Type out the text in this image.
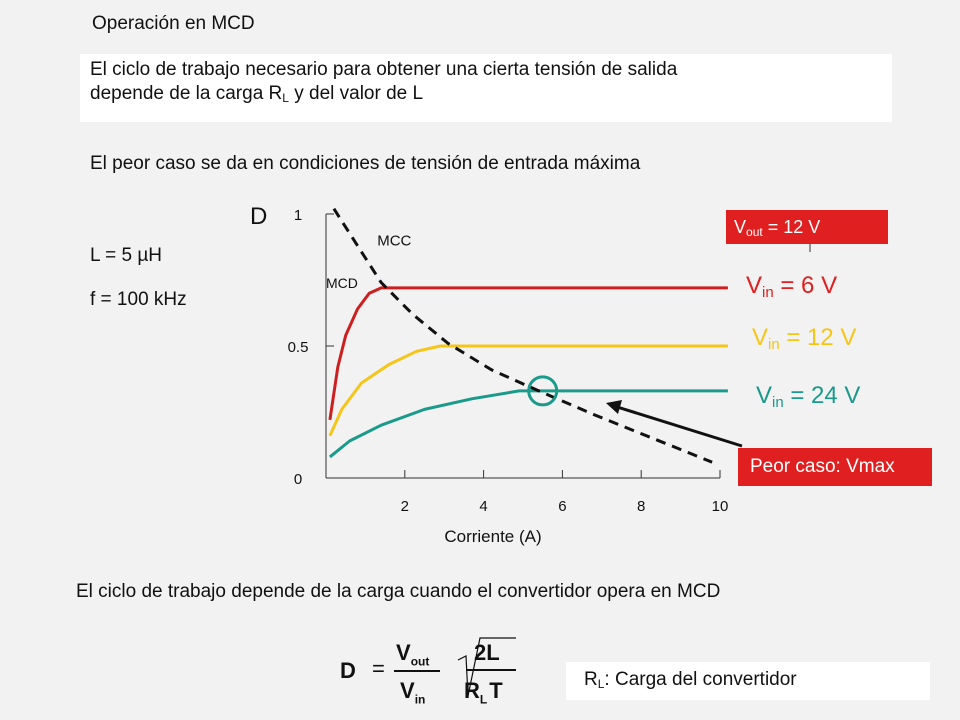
Operación en MCD
El ciclo de trabajo necesario para obtener una cierta tensión de salida
depende de la carga $R_L$ y del valor de L
El peor caso se da en condiciones de tensión de entrada máxima
L = 5 µH
f = 100 kHz
2	4	6	8	10
0
0.5
1
D
Corriente (A)
MCC
MCD
$V_{out} = 12$ V
$V_{in} = 6$ V
$V_{in} = 12$ V
$V_{in} = 24$ V
Peor caso: Vmax
El ciclo de trabajo depende de la carga cuando el convertidor opera en MCD
D =
$V_{out}$
$V_{in}$
2L
$R_LT$	$R_L$: Carga del convertidor
